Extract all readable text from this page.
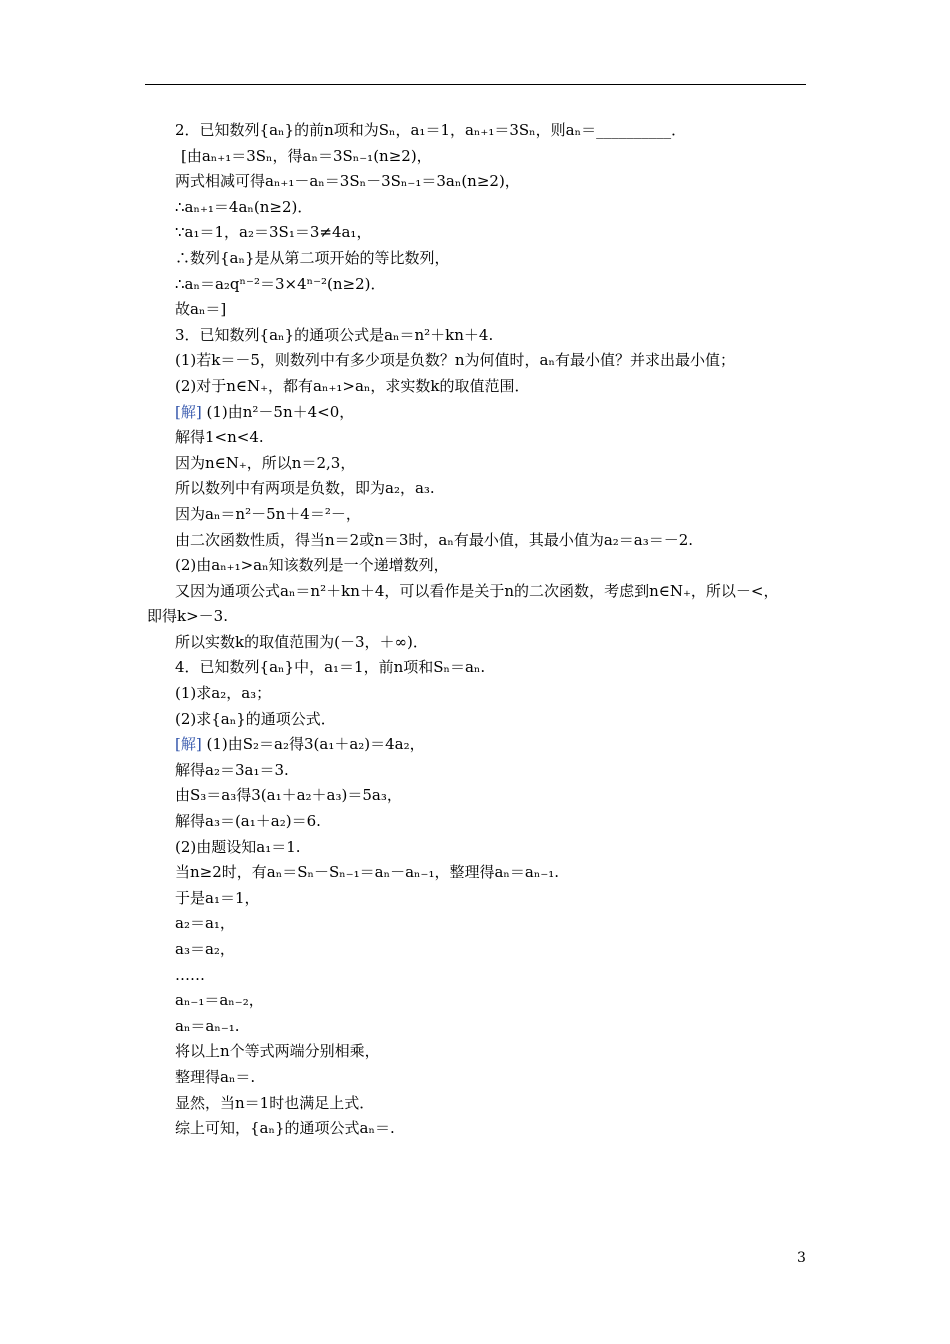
2．已知数列{aₙ}的前n项和为Sₙ，a₁＝1，aₙ₊₁＝3Sₙ，则aₙ＝__________．
[由aₙ₊₁＝3Sₙ，得aₙ＝3Sₙ₋₁(n≥2)，
两式相减可得aₙ₊₁－aₙ＝3Sₙ－3Sₙ₋₁＝3aₙ(n≥2)，
∴aₙ₊₁＝4aₙ(n≥2)．
∵a₁＝1，a₂＝3S₁＝3≠4a₁，
∴数列{aₙ}是从第二项开始的等比数列，
∴aₙ＝a₂qⁿ⁻²＝3×4ⁿ⁻²(n≥2)．
故aₙ＝]
3．已知数列{aₙ}的通项公式是aₙ＝n²＋kn＋4.
(1)若k＝－5，则数列中有多少项是负数？n为何值时，aₙ有最小值？并求出最小值；
(2)对于n∈N₊，都有aₙ₊₁>aₙ，求实数k的取值范围．
[解] (1)由n²－5n＋4<0，
解得1<n<4.
因为n∈N₊，所以n＝2,3，
所以数列中有两项是负数，即为a₂，a₃.
因为aₙ＝n²－5n＋4＝²－，
由二次函数性质，得当n＝2或n＝3时，aₙ有最小值，其最小值为a₂＝a₃＝－2.
(2)由aₙ₊₁>aₙ知该数列是一个递增数列，
又因为通项公式aₙ＝n²＋kn＋4，可以看作是关于n的二次函数，考虑到n∈N₊，所以－<，
即得k>－3.
所以实数k的取值范围为(－3，＋∞)．
4．已知数列{aₙ}中，a₁＝1，前n项和Sₙ＝aₙ.
(1)求a₂，a₃；
(2)求{aₙ}的通项公式．
[解] (1)由S₂＝a₂得3(a₁＋a₂)＝4a₂，
解得a₂＝3a₁＝3.
由S₃＝a₃得3(a₁＋a₂＋a₃)＝5a₃，
解得a₃＝(a₁＋a₂)＝6.
(2)由题设知a₁＝1.
当n≥2时，有aₙ＝Sₙ－Sₙ₋₁＝aₙ－aₙ₋₁，整理得aₙ＝aₙ₋₁.
于是a₁＝1，
a₂＝a₁，
a₃＝a₂，
……
aₙ₋₁＝aₙ₋₂，
aₙ＝aₙ₋₁.
将以上n个等式两端分别相乘，
整理得aₙ＝.
显然，当n＝1时也满足上式．
综上可知，{aₙ}的通项公式aₙ＝.
3
